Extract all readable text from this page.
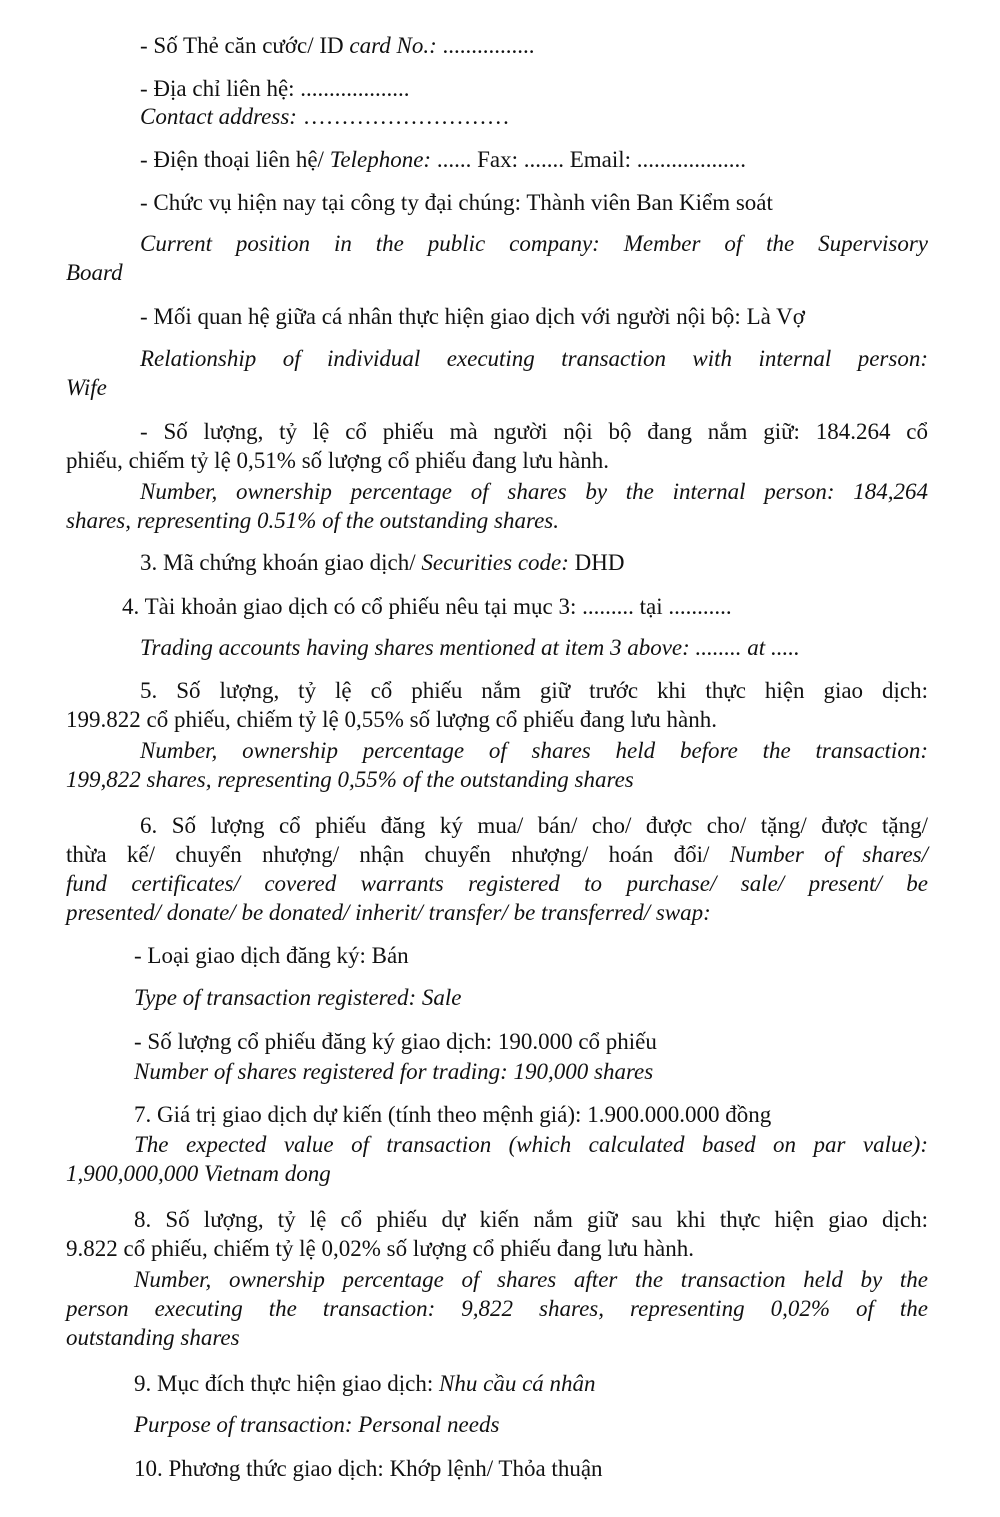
- Số Thẻ căn cước/ ID card No.: ................
- Địa chỉ liên hệ: ...................
Contact address: ………………………
- Điện thoại liên hệ/ Telephone: ...... Fax: ....... Email: ...................
- Chức vụ hiện nay tại công ty đại chúng: Thành viên Ban Kiểm soát
Current position in the public company: Member of the Supervisory
Board
- Mối quan hệ giữa cá nhân thực hiện giao dịch với người nội bộ: Là Vợ
Relationship of individual executing transaction with internal person:
Wife
- Số lượng, tỷ lệ cổ phiếu mà người nội bộ đang nắm giữ: 184.264 cổ
phiếu, chiếm tỷ lệ 0,51% số lượng cổ phiếu đang lưu hành.
Number, ownership percentage of shares by the internal person: 184,264
shares, representing 0.51% of the outstanding shares.
3. Mã chứng khoán giao dịch/ Securities code: DHD
4. Tài khoản giao dịch có cổ phiếu nêu tại mục 3: ......... tại ...........
Trading accounts having shares mentioned at item 3 above: ........ at .....
5. Số lượng, tỷ lệ cổ phiếu nắm giữ trước khi thực hiện giao dịch:
199.822 cổ phiếu, chiếm tỷ lệ 0,55% số lượng cổ phiếu đang lưu hành.
Number, ownership percentage of shares held before the transaction:
199,822 shares, representing 0,55% of the outstanding shares
6. Số lượng cổ phiếu đăng ký mua/ bán/ cho/ được cho/ tặng/ được tặng/
thừa kế/ chuyển nhượng/ nhận chuyển nhượng/ hoán đổi/ Number of shares/
fund certificates/ covered warrants registered to purchase/ sale/ present/ be
presented/ donate/ be donated/ inherit/ transfer/ be transferred/ swap:
- Loại giao dịch đăng ký: Bán
Type of transaction registered: Sale
- Số lượng cổ phiếu đăng ký giao dịch: 190.000 cổ phiếu
Number of shares registered for trading: 190,000 shares
7. Giá trị giao dịch dự kiến (tính theo mệnh giá): 1.900.000.000 đồng
The expected value of transaction (which calculated based on par value):
1,900,000,000 Vietnam dong
8. Số lượng, tỷ lệ cổ phiếu dự kiến nắm giữ sau khi thực hiện giao dịch:
9.822 cổ phiếu, chiếm tỷ lệ 0,02% số lượng cổ phiếu đang lưu hành.
Number, ownership percentage of shares after the transaction held by the
person executing the transaction: 9,822 shares, representing 0,02% of the
outstanding shares
9. Mục đích thực hiện giao dịch: Nhu cầu cá nhân
Purpose of transaction: Personal needs
10. Phương thức giao dịch: Khớp lệnh/ Thỏa thuận
